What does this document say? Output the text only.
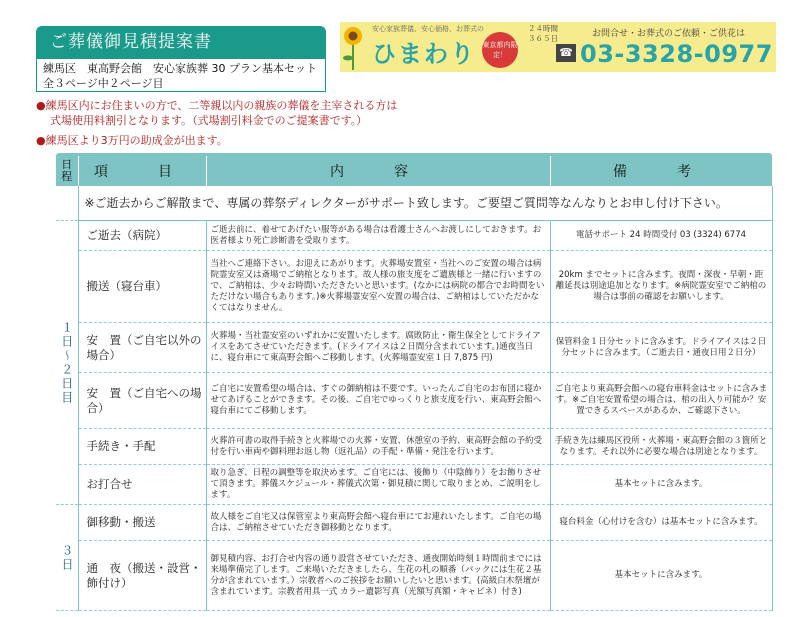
ご葬儀御見積提案書
練馬区　東高野会館　安心家族葬 30 プラン基本セット
全３ページ中２ページ目
安心家族葬儀、安心価格、お葬式の
ひまわり 東京都内限定！
２４時間
３６５日	お問合せ・お葬式のご依頼・ご供花は
☎ 03-3328-0977
●練馬区内にお住まいの方で、二等親以内の親族の葬儀を主宰される方は
式場使用料割引となります。（式場割引料金でのご提案書です。）
●練馬区より3万円の助成金が出ます。
日程	項　目	内　容	備　考
	※ご逝去からご解散まで、専属の葬祭ディレクターがサポート致します。ご要望ご質問等なんなりとお申し付け下さい。		
１日〜２日目	ご逝去（病院）	ご逝去前に、着せてあげたい服等がある場合は看護士さんへお渡しにしておきます。お医者様より死亡診断書を受取ります。	電話サポート 24 時間受付 03 (3324) 6774
	搬送（寝台車）	当社へご連絡下さい。お迎えにあがります。火葬場安置室・当社へのご安置の場合は病院霊安室又は斎場でご納棺となります。故人様の旅支度をご遺族様と一緒に行いますので、ご納棺は、少々お時間いただきたいと思います。(なかには病院の都合でお時間をいただけない場合もあります。)※火葬場霊安室へ安置の場合は、ご納棺はしていただかなくてはなりません。	20km までセットに含みます。夜間・深夜・早朝・距離延長は別途追加となります。※病院霊安室でご納棺の場合は事前の確認をお願いします。
	安　置（ご自宅以外の場合）	火葬場・当社霊安室のいずれかに安置いたします。腐敗防止・衛生保全としてドライアイスをあてさせていただきます。(ドライアイスは２日間分含まれています。)通夜当日に、寝台車にて東高野会館へご移動します。(火葬場霊安室１日 7,875 円)	保管料金１日分セットに含みます。ドライアイスは２日分セットに含みます。（ご逝去日・通夜日用２日分）
	安　置（ご自宅への場合）	ご自宅に安置希望の場合は、すぐの御納棺は不要です。いったんご自宅のお布団に寝かせてあげることができます。その後、ご自宅でゆっくりと旅支度を行い、東高野会館へ寝台車にてご移動します。	ご自宅より東高野会館への寝台車料金はセットに含みます。※ご自宅安置希望の場合は、棺の出入り可能か？安置できるスペースがあるか、ご確認下さい。
	手続き・手配	火葬許可書の取得手続きと火葬場での火葬・安置、休憩室の予約、東高野会館の予約受付を行い車両や御料理お返し物（返礼品）の手配・準備・発注を行います。	手続き先は練馬区役所・火葬場・東高野会館の３箇所となります。それ以外に必要な場合は別途となります。
	お打合せ	取り急ぎ、日程の調整等を取決めます。ご自宅には、後飾り（中陰飾り）をお飾りさせて頂きます。葬儀スケジュール・葬儀式次第・御見積に関して取りまとめ、ご説明をします。	基本セットに含みます。
３日	御移動・搬送	故人様をご自宅又は保管室より東高野会館へ寝台車にてお連れいたします。ご自宅の場合は、ご納棺させていただき御移動となります。	寝台料金（心付けを含む）は基本セットに含みます。
	通　夜（搬送・設営・飾付け）	御見積内容、お打合せ内容の通り設営させていただき、通夜開始時刻１時間前までには来場準備完了します。ご来場いただきましたら、生花の札の順番（パックには生花２基分が含まれています。）宗教者へのご挨拶をお願いしたいと思います。(高級白木祭壇が含まれています。宗教者用具一式 カラー遺影写真（光額写真額・キャビネ）付き)	基本セットに含みます。
